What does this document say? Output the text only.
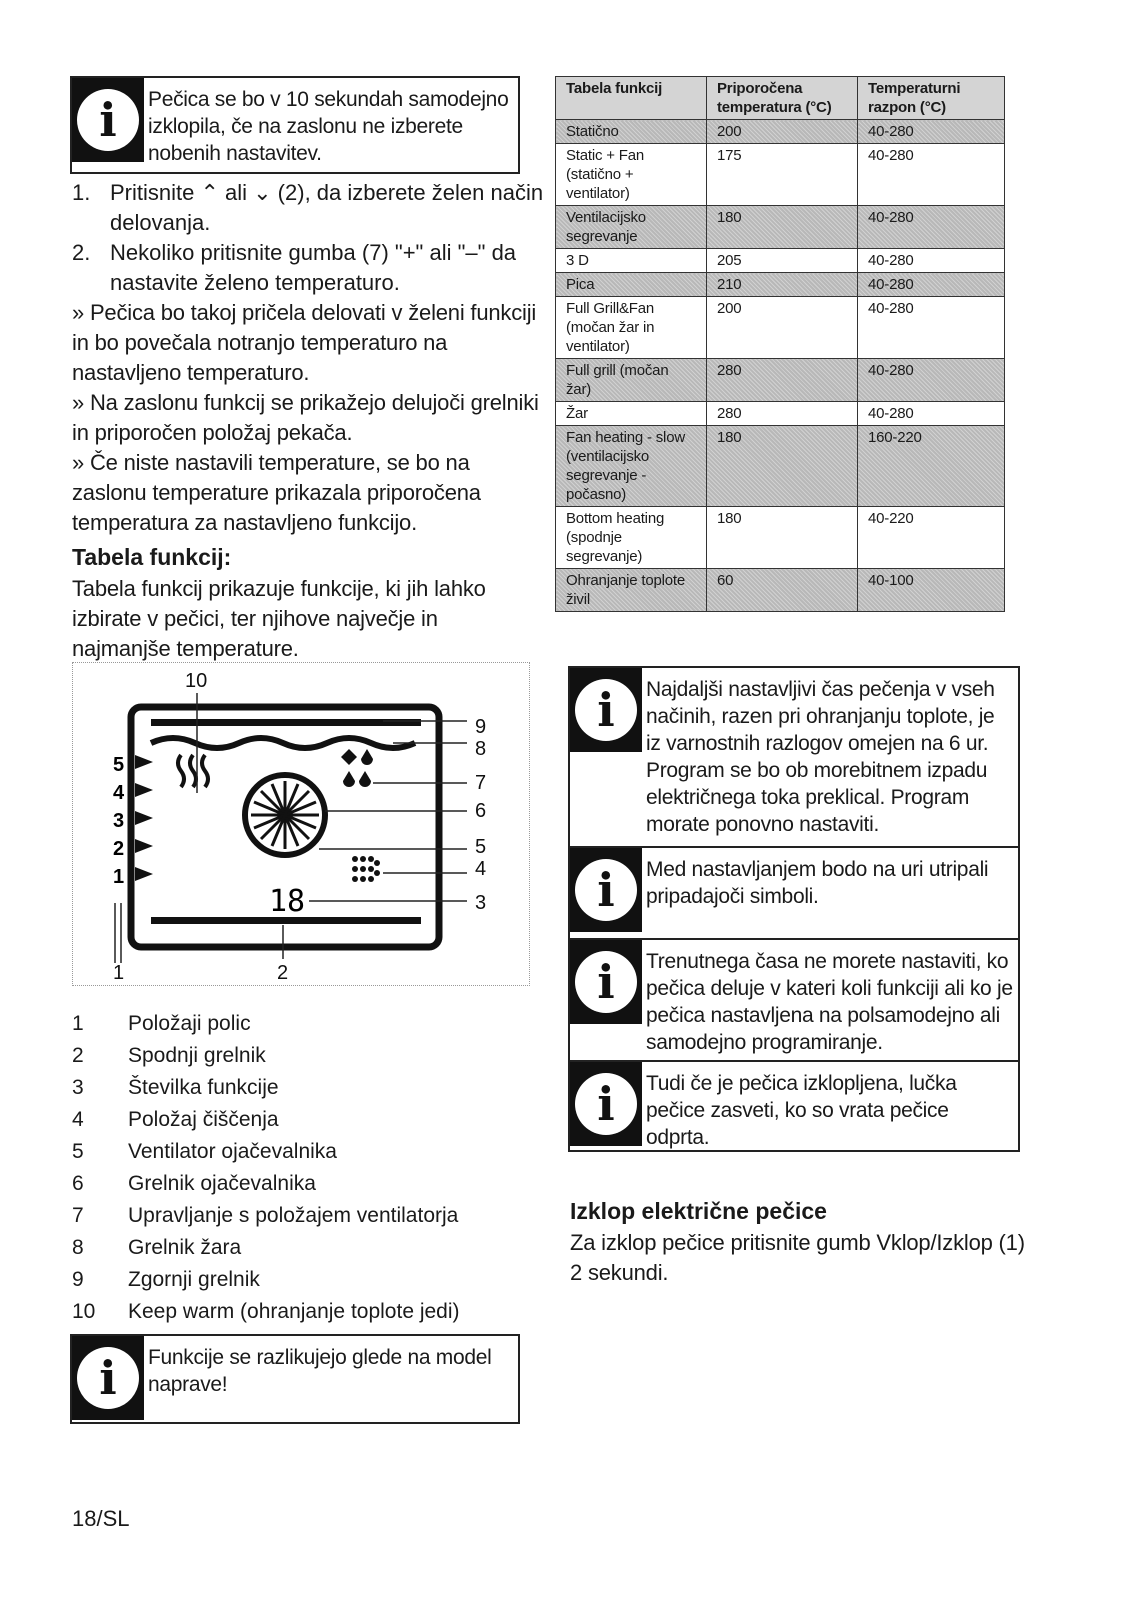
i	Pečica se bo v 10 sekundah samodejno izklopila, če na zaslonu ne izberete nobenih nastavitev.
1. Pritisnite ⌃ ali ⌄ (2), da izberete želen način delovanja.
2. Nekoliko pritisnite gumba (7) "+" ali "–" da nastavite želeno temperaturo.
» Pečica bo takoj pričela delovati v želeni funkciji in bo povečala notranjo temperaturo na nastavljeno temperaturo.
» Na zaslonu funkcij se prikažejo delujoči grelniki in priporočen položaj pekača.
» Če niste nastavili temperature, se bo na zaslonu temperature prikazala priporočena temperatura za nastavljeno funkcijo.
Tabela funkcij:
Tabela funkcij prikazuje funkcije, ki jih lahko izbirate v pečici, ter njihove največje in najmanjše temperature.
5
4
3
2
1
18
10
1	2
3
4
5
6
7
8
9
1	Položaji polic
2	Spodnji grelnik
3	Številka funkcije
4	Položaj čiščenja
5	Ventilator ojačevalnika
6	Grelnik ojačevalnika
7	Upravljanje s položajem ventilatorja
8	Grelnik žara
9	Zgornji grelnik
10	Keep warm (ohranjanje toplote jedi)
i	Funkcije se razlikujejo glede na model naprave!
18/SL
Tabela funkcij	Priporočena temperatura (°C)	Temperaturni razpon (°C)
Statično	200	40-280
Static + Fan (statično + ventilator)	175	40-280
Ventilacijsko segrevanje	180	40-280
3 D	205	40-280
Pica	210	40-280
Full Grill&Fan (močan žar in ventilator)	200	40-280
Full grill (močan žar)	280	40-280
Žar	280	40-280
Fan heating - slow (ventilacijsko segrevanje - počasno)	180	160-220
Bottom heating (spodnje segrevanje)	180	40-220
Ohranjanje toplote živil	60	40-100
i	Najdaljši nastavljivi čas pečenja v vseh načinih, razen pri ohranjanju toplote, je iz varnostnih razlogov omejen na 6 ur. Program se bo ob morebitnem izpadu električnega toka preklical. Program morate ponovno nastaviti.
i	Med nastavljanjem bodo na uri utripali pripadajoči simboli.
i	Trenutnega časa ne morete nastaviti, ko pečica deluje v kateri koli funkciji ali ko je pečica nastavljena na polsamodejno ali samodejno programiranje.
i	Tudi če je pečica izklopljena, lučka pečice zasveti, ko so vrata pečice odprta.
Izklop električne pečice
Za izklop pečice pritisnite gumb Vklop/Izklop (1) 2 sekundi.
